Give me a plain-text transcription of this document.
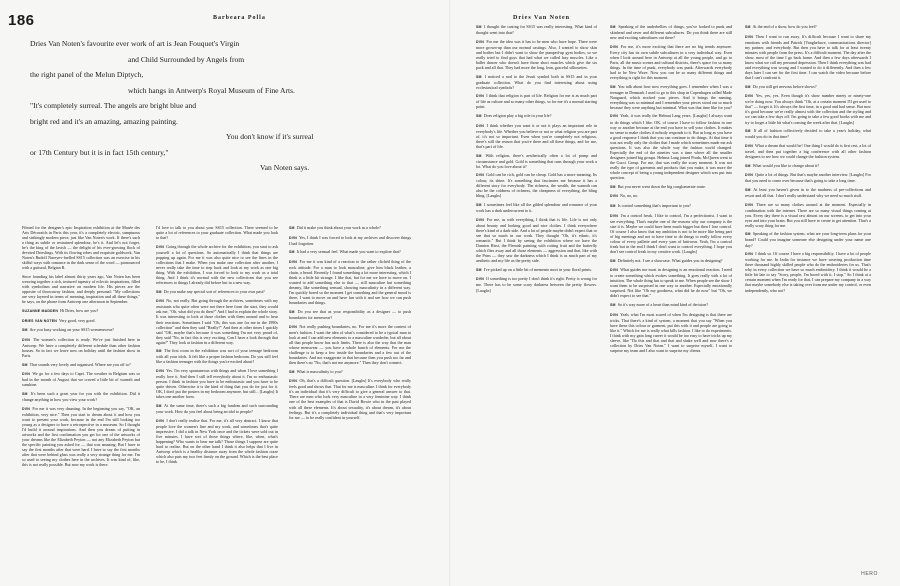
186	Barbeara Polla
Dries Van Noten's favourite ever work of art is Jean Fouquet's Virgin
and Child Surrounded by Angels from
the right panel of the Melun Diptych,
which hangs in Antwerp's Royal Museum of Fine Arts.
"It's completely surreal. The angels are bright blue and
bright red and it's an amazing, amazing painting.
You don't know if it's surreal
or 17th Century but it is in fact 15th century,"
Van Noten says.

Filmed for the designer's epic Inspiration exhibition at the Musée des Arts Décoratifs in Paris this year, it's a completely electric, sumptuous and strikingly modern piece, just like Van Noten's work. If there's such a thing as subtle or restrained splendour, he's it. And let's not forget, he's the king of the lavish — the delight of his ever-growing flock of devoted Drieslings. With its flowing robes and exquisite goldwork, Van Noten's Rudolf Nureyev-fuelled SS15 collection was an exercise in his skilful ways with romance in the dark sense of the word — pronounced with a guttural, Belgian R.

Since founding his label almost thirty years ago, Van Noten has been weaving together a rich, textured tapestry of eclectic inspirations, filled with symbolism and narrative on modern life. His pieces are the opposite of throwaway fashion, and deeply personal: "My collections are very layered in terms of meaning, inspiration and all these things," he says, on the phone from Antwerp one afternoon in September.

SUZANNE MADDEN Hi Dries, how are you?

DRIES VAN NOTEN Very good, very good.

SM Are you busy working on your SS15 womenswear?

DVN The women's collection is ready. We've just finished here in Antwerp. We have a completely different schedule than other fashion houses. So in fact we leave now on holiday until the fashion show in Paris.

SM That sounds very lovely and organised. Where are you off to?

DVN We go for a few days to Capri. The weather in Belgium was so bad in the month of August that we craved a little bit of warmth and sunshine.

SM It's been such a great year for you with the exhibition. Did it change anything in how you view your work?

DVN For me it was very daunting. In the beginning you say, "OK, an exhibition, very nice." Then you start to dream about it and how you want to present your work, because in the end I'm still looking too young as a designer to have a retrospective in a museum. So I thought I'd build it around inspirations. And then you dream of putting in artworks and the first confirmation you get for one of the artworks of your dreams like the Elizabeth Peyton — not any Elizabeth Peyton but the specific painting you asked for — that was amazing. But I have to say the first months after that were hard. I have to say the first months after that were behind glass was really a very strange thing for me. I'm so used to seeing my clothes here in the archives. It was kind of, like, this is not really possible. But now my work is there.

I'd love to talk to you about your SS15 collection. There seemed to be quite a lot of references to your graduate collection. What made you look to that?

DVN Going through the whole archive for the exhibition, you start to ask yourself a lot of questions. So automatically I think that things are popping up again. For me it was also quite nice to see the lines in the collections that I make. When you make one collection after another, I never really take the time to step back and look at my work as one big thing. With the exhibition, I was forced to look to my work as a total thing. And I think it's normal with the new collections that you see references to things I already did before but in a new way.

SM Do you make any special sort of references to your own past?

DVN No, not really. But going through the archives, sometimes with my assistants who quite often were not there here from the start, they would ask me, "Oh, what did you do then?" And I had to explain the whole story. It was interesting to look at those clothes with them around and to hear their reactions. Sometimes I said "Oh, this was one for me in the 1990s collection" and then they said "Really?" And then at other times I quickly said "OK, maybe that's because it was something I'm not very proud of, they said "No, in fact this is very exciting. Can I have a look through that again?" They look at fashion in a different way.

SM The first room in the exhibition was sort of your teenage bedroom with all your idols. It felt like a proper fashion bedroom. Do you still feel like a fashion teenager with the things you're excited about?

DVN Yes. I'm very spontaneous with things and when I love something I really love it. And then I still tell everybody about it. I'm so enthusiastic person. I think in fashion you have to be enthusiastic and you have to be quite driven. Otherwise it is the kind of thing that you do for just for it. OK, I don't put the posters in my bedroom anymore, but still... [Laughs] It takes one another form.

SM At the same time, there's such a big fandom and such surrounding your work. How do you feel about being an idol to people?

DVN I don't really realise that. For me, it's all very abstract. I know that people love the women's line and my work, and sometimes that's quite impressive. I did a talk in New York once and the tickets were sold out in five minutes. I have sort of those things where, like, when, what's happening? Who wants to hear me talk? Those things I suppose are quite hard to realise. But on the other hand I think it also helps that I live in Antwerp which is a healthy distance away from the whole fashion craze which also puts my two feet firmly on the ground. Which is the best place to be, I think.

SM Did it make you think about your work as a whole?

DVN Yes, I think I was forced to look at my archives and discover things I had forgotten.

SM It had a very sensual feel. What made you want to explore that?

DVN For me it was kind of a reaction to the rather clichéd thing of the rock attitude. For a man to look masculine, give him black leather, a chain, a beard. Recently I found something a lot more interesting, which I think is a little bit strange. I like that, but for me we have to move on. I wanted to add something else to that — still masculine but something dreamy, like something sensual, showing masculinity in a different way. I'm quickly bored so the moment I get something and the general mood is there, I want to move on and have fun with it and see how we can push boundaries and things.

SM Do you see that as your responsibility as a designer — to push boundaries for menswear?

DVN Not really pushing boundaries, no. For me it's more the context of men's fashion. I want the idea of what's considered to be a typical man to look at and I can add new elements to a masculine wardrobe, but all about all that people know has such limits. There is also the way that the man whose menswear — you have a whole bunch of elements. For me the challenge is to keep a few inside the boundaries and a few out of the boundaries. And not exaggerate in that because then you push too far and then there's no "No, that's not me anymore." Then they don't connect.

SM What is masculinity to you?

DVN Oh, that's a difficult question. [Laughs] It's everybody who really feels good and shows that. That for me is masculine. I think for everybody it's an individual that it's very difficult to give a general answer to that. There are men who look very masculine in a very feminine way. I think one of the best examples of that is David Bowie who in the past played with all these elements. It's about sexuality, it's about dream, it's about feelings. But it's a completely individual thing and that's very important for me — to be really confident in yourself.

Dries Van Noten

SM I thought the casting for SS15 was really interesting. What kind of thought went into that?

DVN For me the idea was it has to be men who have hope. There were more grown-up than our normal castings. Also, I wanted to show skin and bodies but I didn't want to show the pumped-up gym bodies, so we really tried to find guys that had what we called lazy muscles. Like a ballet dancer who doesn't have those short muscles which give the six pack and all that. They had more the long, lean, graceful silhouettes.

SM I noticed a nod to the Jesuit symbol both in SS15 and in your graduate collection. What do you find interesting about using ecclesiastical symbols?

DVN I think that religion is part of life. Religion for me is as much part of life as culture and so many other things, so for me it's a normal starting point.

SM Does religion play a big role in your life?

DVN I think whether you want it or not it plays an important role in everybody's life. Whether you believe or not or what religion you are part of, it's not so important. Even when you're completely not religious, there's still the reason that you're there and all these things, and for me, that's part of life.

SM With religion, there's aesthetically often a lot of pomp and circumstance and gold. Gold is something that runs through your work a lot. What do you love about it?

DVN Gold can be rich, gold can be cheap. Gold has a more meaning. Its colour, its shine. It's something that fascinates me because it has a different story for everybody. The richness, the wealth, the warmth can also be the coldness of richness, the cheapness of everything, the bling bling. [Laughs]

SM I sometimes feel like all the gilded splendour and romance of your work has a dark undercurrent to it.

DVN For me, as with everything, I think that is life. Life is not only about beauty and looking good and nice clothes. I think everywhere there's kind of a dark side. And a lot of people maybe didn't expect that or see that so much in our work. They thought "Oh, it's ethnic, it's romantic." But I think by seeing the exhibition where we have the Damien Hirst, the Flemish painting with rotting fruit and the butterfly which flies away and all those elements — aggression and that, like with the Prins — they saw the darkness which I think is as much part of my aesthetic and my life as the pretty side.

SM I've picked up on a little bit of memento mori in your floral prints.

DVN If something is too pretty I don't think it's right. Pretty is wrong for me. There has to be some scary darkness between the pretty flowers. [Laughs]

SM Speaking of the underbellies of things, you've looked to punk and skinhead and raver and different subcultures. Do you think there are still new and exciting subcultures out there?

DVN For me, it's more exciting that there are no big trends anymore. Every city has its own subtle subcultures in a very individual way. Even when I look around here in Antwerp at all the young people, and go to Paris, all the music scenes and cultural districts, there's space for so many things. In the time of punk, everybody was punk. Afterwards everybody had to be New Wave. Now you can be so many different things and everything is right for this moment.

SM You talk about how now everything goes. I remember when I was a teenager in Denmark I used to go to this shop in Copenhagen called Made Naugaard, which stocked your pieces. And it brings the naming, everything was so minimal and I remember your pieces stood out so much because they were anything but minimal. What was that time like for you?

DVN Yeah, it was really the Helmut Lang years. [Laughs] I always want to do things which I like. OK, of course I have to follow fashion in one way or another because at the end you have to sell your clothes. It makes no sense to make clothes if nobody responds to it. But as long as you have a good response I think that you can continue to do things. At that time it was not really only the clothes that I made which sometimes made me ask questions. It was also the whole way the fashion world changed. Especially the end of the nineties was a time where all the smaller designers joined big groups. Helmut Lang joined Prada, McQueen went to the Gucci Group. For me, that was really the scary moment. It was not really the type of garments and products that you make, it was more the whole concept of being a young independent designer which was put into question.

SM But you never went down the big conglomerate route.

DVN No, no, no.

SM Is control something that's important to you?

DVN I'm a control freak. I like to control, I'm a perfectionist. I want to see everything. That's maybe one of the reasons why our company is the size it is. Maybe we could have been much bigger but then I lose control. Of course I also know that my ambition is not to be more like being part of big meetings and not to have time to do things to really follow every colour of every pallette and every yarn of knitwear. Yeah, I'm a control freak but in the end I think I don't want to control everything. I hope you don't see control freak in my creative work. [Laughs]

SM Definitely not. I see a showcase. What guides you in designing?

DVN What guides me most in designing is an emotional reaction. I need to create something which evokes something. It goes really with a lot of intuition. The whole thing has to speak to me. When people see the show I want them to be surprised in one way or another. Especially emotionally surprised. Not like "Oh my goodness, what did he do now" but "Oh, we didn't expect to see that."

SM So it's way more of a heart than mind kind of decision?

DVN Yeah, what I'm most scared of when I'm designing is that there are tricks. That there's a kind of system, a moment that you say "When you have these this colour or garment, put this with it and people are going to like it." Which for me is really what kills fashion. I like to do experiments. I think with my gain long career it would be too easy to have tricks up my sleeve, like "Do this and that and that and shake well and now there's a collection by Dries Van Noten." I want to surprise myself, I want to surprise my team and I also want to surprise my clients.

SM At the end of a show, how do you feel?

DVN Then I want to run away. It's difficult because I want to share my emotions with friends and Patrick [Vangheluwe, communications director] my partner, and everybody. But then you have to talk for at least twenty minutes with people from the press. It's a difficult moment. The day after the show, most of the time I go back home. And then a few days afterwards I know what we call my personal depression. Then I think everything was bad and everything was wrong and I wanted to do it differently. And then a few days later I can see for the first time. I can watch the video because before that I can't confront it.

SM Do you still get nervous before shows?

DVN Yes, yes, yes. Even though it's show number ninety or ninety-one we're doing now. You always think "Oh, at a certain moment I'll get used to that" — forget it. It's always the first time, in a good and bad sense. But now it's good because we're really almost with the collection and the styling and we can take a few days off. I'm going to take a few good books with me and try to forget a little bit what's coming the week after that. [Laughs]

SM If all of fashion collectively decided to take a year's holiday, what would you do in that time?

DVN What a dream that would be! One thing I would do is first rest, a lot of travel, and then put together a big conference with all other fashion designers to see how we could change the fashion system.

SM What would you like to change about it?

DVN Quite a lot of things. But that's maybe another interview. [Laughs] For that you need to come over because that's going to take a long time.

SM At least you haven't given in to the madness of pre-collections and resort and all that. I don't really understand why we need so much stuff.

DVN There are so many clothes around at the moment. Especially in combination with the internet. There are so many visual things coming at you. Every day there is a visual raw almost on our screens, to get into your eyes and into your brain. But you still have to create to get attention. That's a really scary thing for me.

SM Speaking of the fashion system, what are your long-term plans for your brand? Could you imagine someone else designing under your name one day?

DVN I think so. Of course I have a big responsibility. I have a lot of people working for me. In India for instance we have weaving production time there thousand highly skilled people who do the embroideries for us. That's why in every collection we have so much embroidery. I think it would be a little bit late to say "Sorry, people, I'm bored with it, I stop." So I think at a certain moment when I'm ready for that, I can prepare my company in a way that maybe somebody else is taking over from me under my control, or even independently, who not?

HERO
